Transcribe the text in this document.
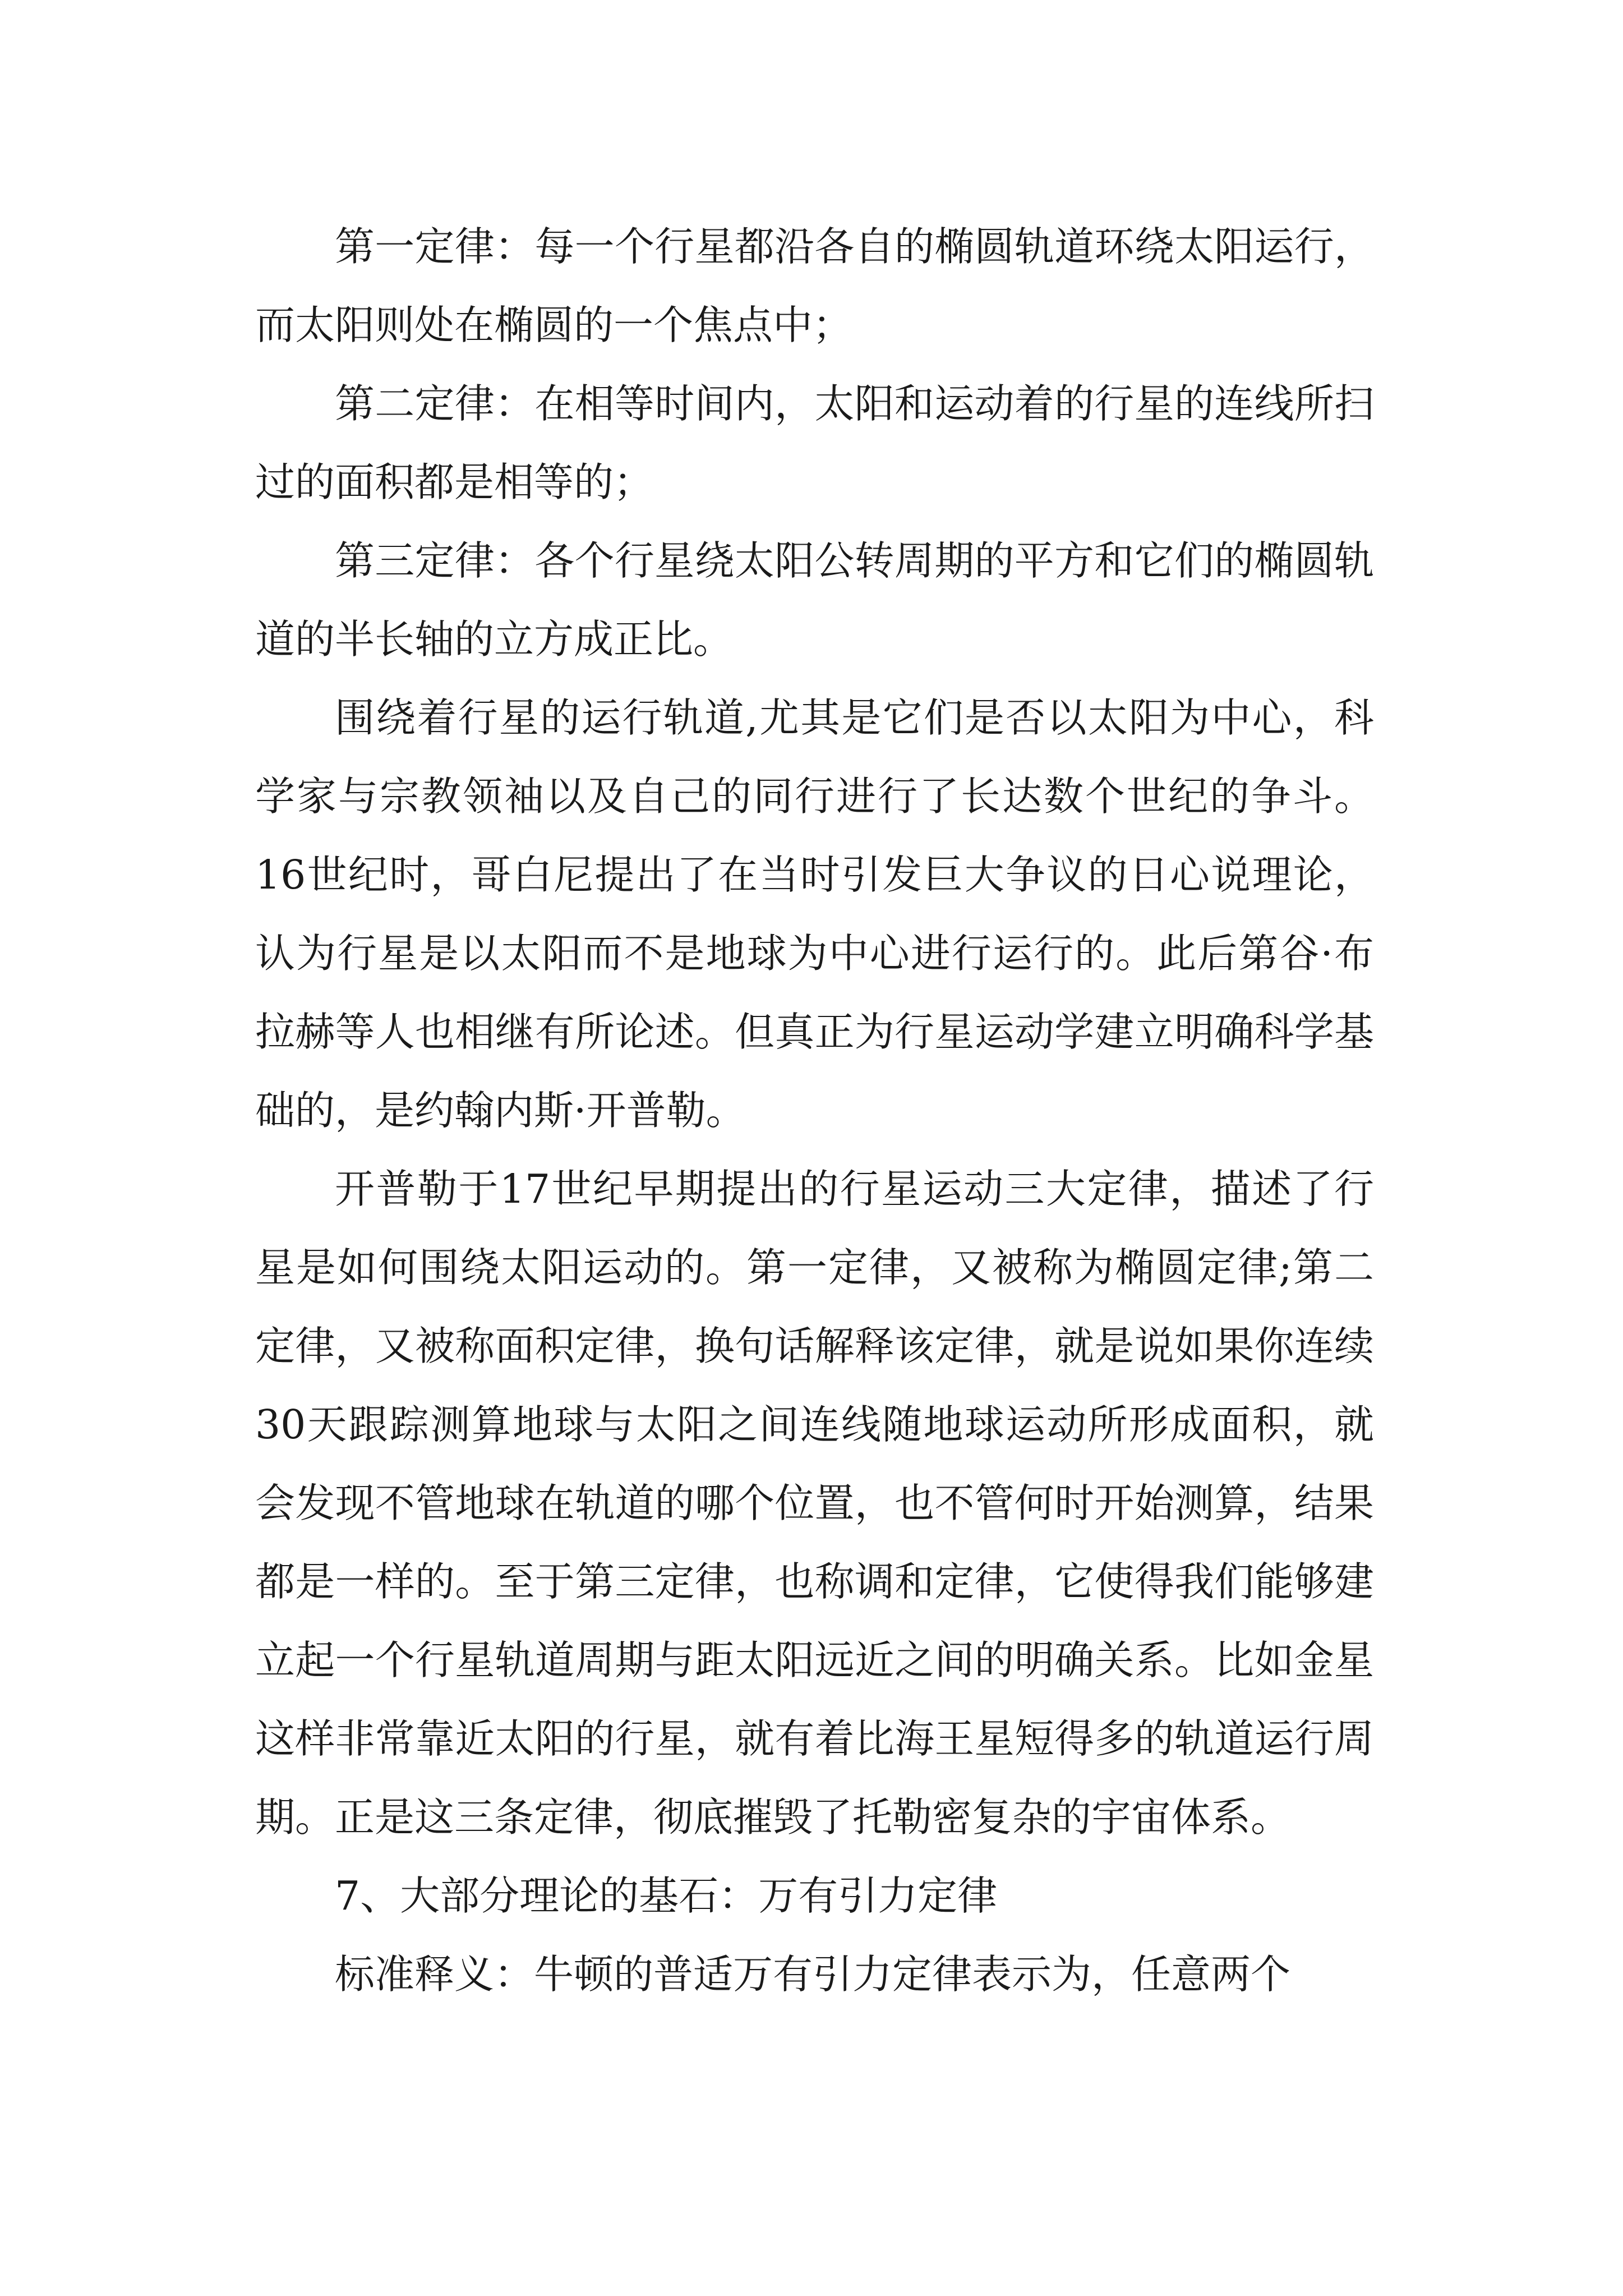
第一定律：每一个行星都沿各自的椭圆轨道环绕太阳运行，而太阳则处在椭圆的一个焦点中；

第二定律：在相等时间内，太阳和运动着的行星的连线所扫过的面积都是相等的；

第三定律：各个行星绕太阳公转周期的平方和它们的椭圆轨道的半长轴的立方成正比。

围绕着行星的运行轨道,尤其是它们是否以太阳为中心，科学家与宗教领袖以及自己的同行进行了长达数个世纪的争斗。16世纪时，哥白尼提出了在当时引发巨大争议的日心说理论，认为行星是以太阳而不是地球为中心进行运行的。此后第谷·布拉赫等人也相继有所论述。但真正为行星运动学建立明确科学基础的，是约翰内斯·开普勒。

开普勒于17世纪早期提出的行星运动三大定律，描述了行星是如何围绕太阳运动的。第一定律，又被称为椭圆定律;第二定律，又被称面积定律，换句话解释该定律，就是说如果你连续30天跟踪测算地球与太阳之间连线随地球运动所形成面积，就会发现不管地球在轨道的哪个位置，也不管何时开始测算，结果都是一样的。至于第三定律，也称调和定律，它使得我们能够建立起一个行星轨道周期与距太阳远近之间的明确关系。比如金星这样非常靠近太阳的行星，就有着比海王星短得多的轨道运行周期。正是这三条定律，彻底摧毁了托勒密复杂的宇宙体系。

7、大部分理论的基石：万有引力定律

标准释义：牛顿的普适万有引力定律表示为，任意两个
